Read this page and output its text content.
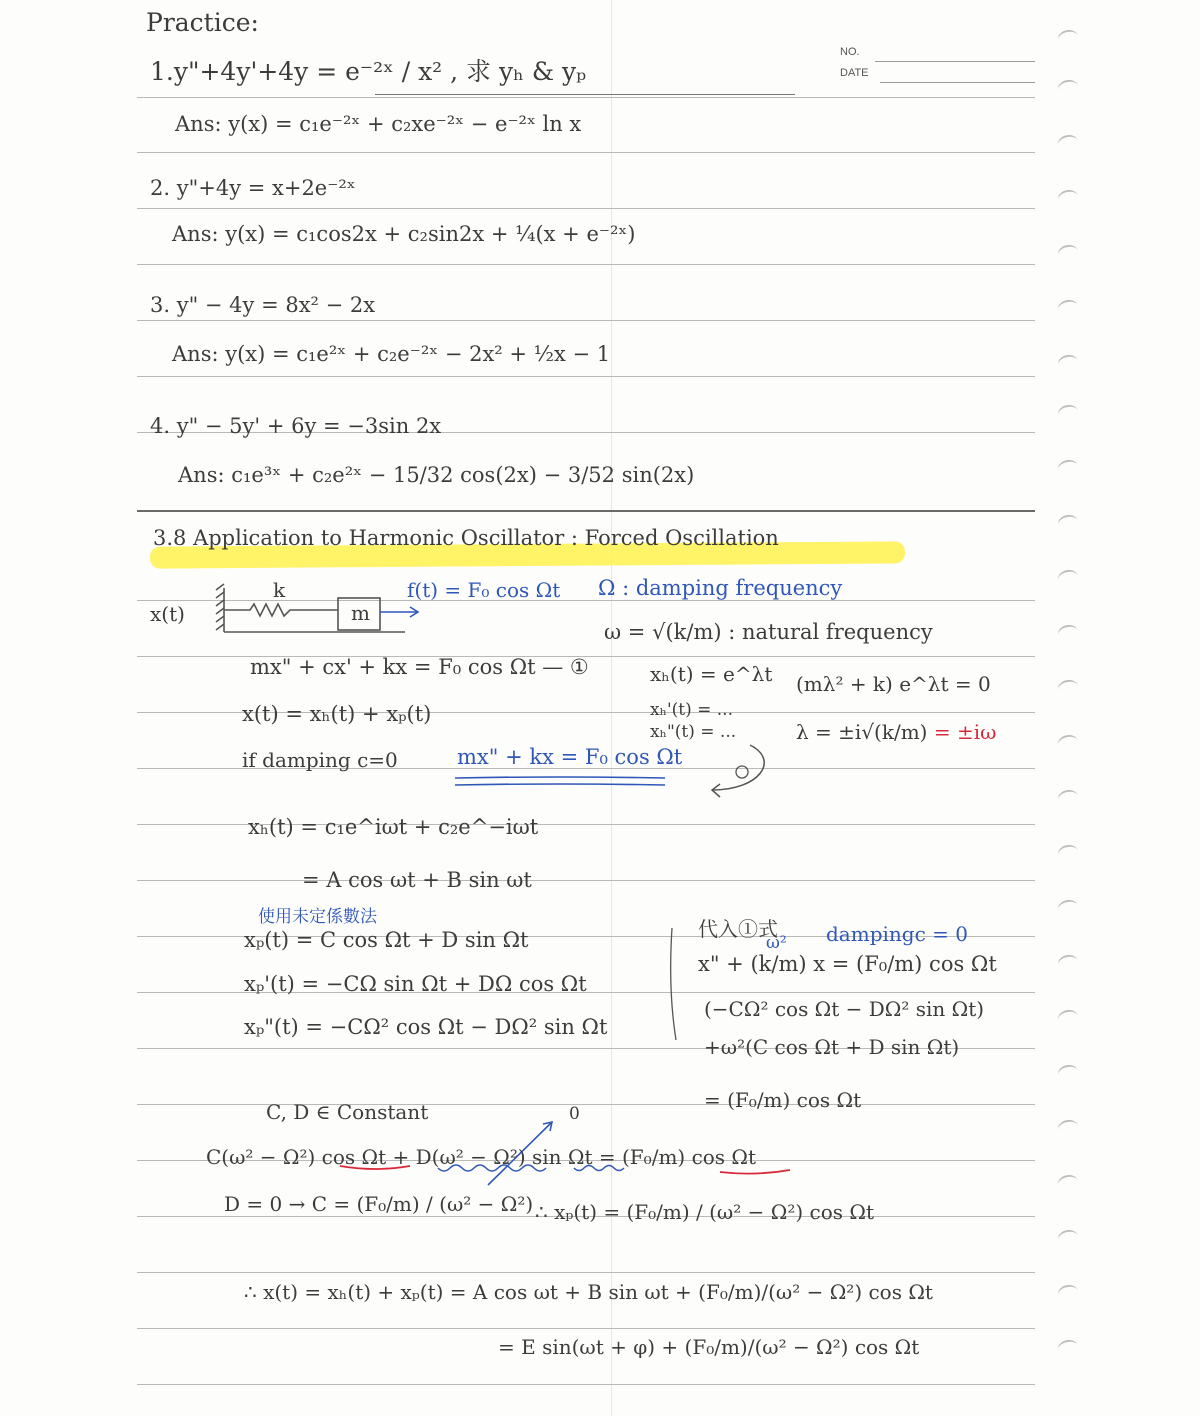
NO.
DATE
Practice:
1.y"+4y'+4y = e⁻²ˣ / x² , 求 yₕ & yₚ
Ans: y(x) = c₁e⁻²ˣ + c₂xe⁻²ˣ − e⁻²ˣ ln x
2. y"+4y = x+2e⁻²ˣ
Ans: y(x) = c₁cos2x + c₂sin2x + ¼(x + e⁻²ˣ)
3. y" − 4y = 8x² − 2x
Ans: y(x) = c₁e²ˣ + c₂e⁻²ˣ − 2x² + ½x − 1
4. y" − 5y' + 6y = −3sin 2x
Ans: c₁e³ˣ + c₂e²ˣ − 15/32 cos(2x) − 3/52 sin(2x)
3.8 Application to Harmonic Oscillator : Forced Oscillation
x(t)
k
m
f(t) = F₀ cos Ωt Ω : damping frequency
ω = √(k/m) : natural frequency
mx" + cx' + kx = F₀ cos Ωt — ①
x(t) = xₕ(t) + xₚ(t)
if damping c=0	mx" + kx = F₀ cos Ωt
xₕ(t) = e^λt
xₕ'(t) = ...
xₕ"(t) = ...
(mλ² + k) e^λt = 0
λ = ±i√(k/m) = ±iω
xₕ(t) = c₁e^iωt + c₂e^−iωt
= A cos ωt + B sin ωt
使用未定係數法
xₚ(t) = C cos Ωt + D sin Ωt
xₚ'(t) = −CΩ sin Ωt + DΩ cos Ωt
xₚ"(t) = −CΩ² cos Ωt − DΩ² sin Ωt
代入①式
ω² dampingc = 0
x" + (k/m) x = (F₀/m) cos Ωt
(−CΩ² cos Ωt − DΩ² sin Ωt)
+ω²(C cos Ωt + D sin Ωt)
= (F₀/m) cos Ωt
C, D ∈ Constant	0
C(ω² − Ω²) cos Ωt + D(ω² − Ω²) sin Ωt = (F₀/m) cos Ωt
D = 0 → C = (F₀/m) / (ω² − Ω²) ∴ xₚ(t) = (F₀/m) / (ω² − Ω²) cos Ωt
∴ x(t) = xₕ(t) + xₚ(t) = A cos ωt + B sin ωt + (F₀/m)/(ω² − Ω²) cos Ωt
= E sin(ωt + φ) + (F₀/m)/(ω² − Ω²) cos Ωt
